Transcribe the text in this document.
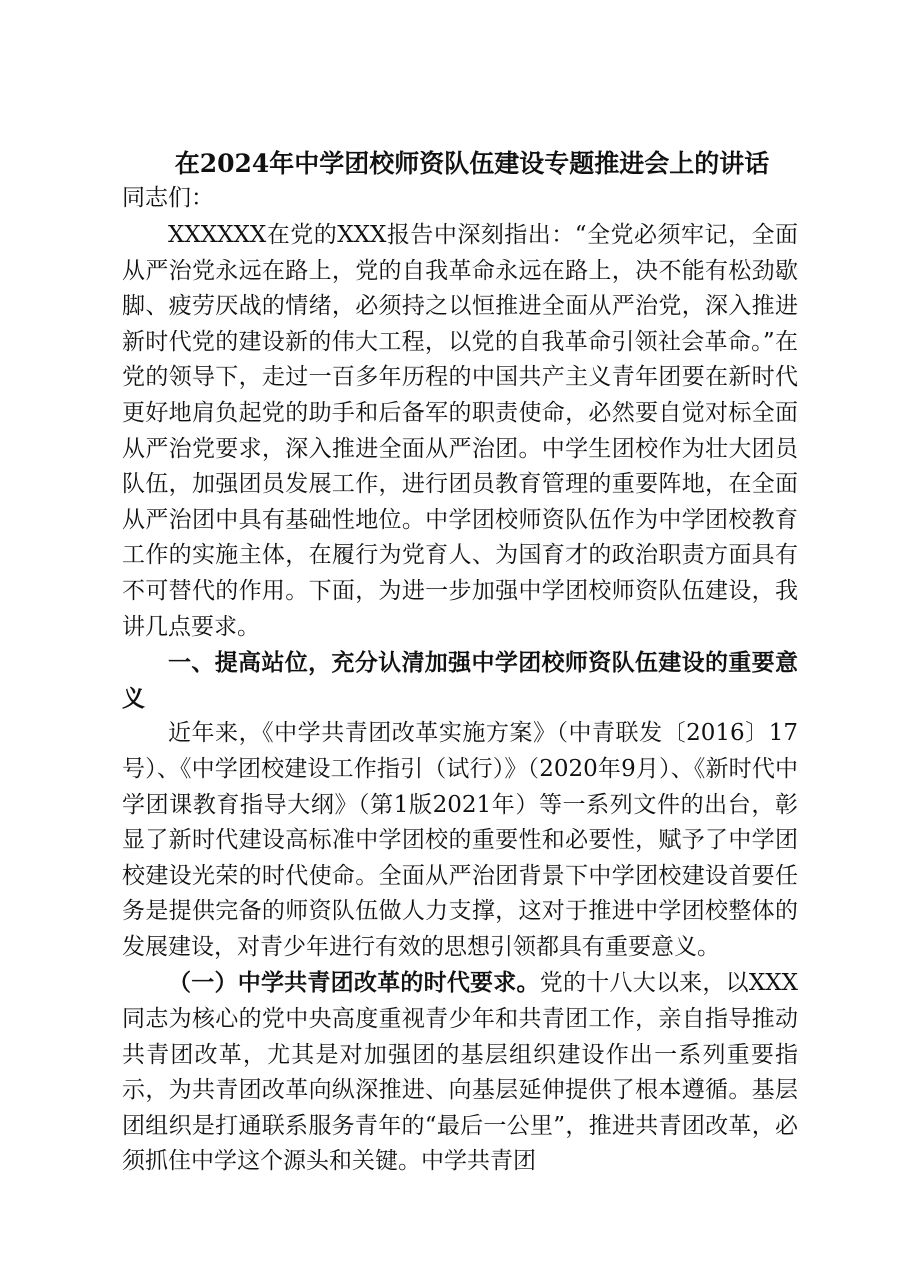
在2024年中学团校师资队伍建设专题推进会上的讲话
同志们：

XXXXXX在党的XXX报告中深刻指出：“全党必须牢记，全面从严治党永远在路上，党的自我革命永远在路上，决不能有松劲歇脚、疲劳厌战的情绪，必须持之以恒推进全面从严治党，深入推进新时代党的建设新的伟大工程，以党的自我革命引领社会革命。”在党的领导下，走过一百多年历程的中国共产主义青年团要在新时代更好地肩负起党的助手和后备军的职责使命，必然要自觉对标全面从严治党要求，深入推进全面从严治团。中学生团校作为壮大团员队伍，加强团员发展工作，进行团员教育管理的重要阵地，在全面从严治团中具有基础性地位。中学团校师资队伍作为中学团校教育工作的实施主体，在履行为党育人、为国育才的政治职责方面具有不可替代的作用。下面，为进一步加强中学团校师资队伍建设，我讲几点要求。

一、提高站位，充分认清加强中学团校师资队伍建设的重要意义

近年来，《中学共青团改革实施方案》（中青联发〔2016〕17号）、《中学团校建设工作指引（试行）》（2020年9月）、《新时代中学团课教育指导大纲》（第1版2021年）等一系列文件的出台，彰显了新时代建设高标准中学团校的重要性和必要性，赋予了中学团校建设光荣的时代使命。全面从严治团背景下中学团校建设首要任务是提供完备的师资队伍做人力支撑，这对于推进中学团校整体的发展建设，对青少年进行有效的思想引领都具有重要意义。

（一）中学共青团改革的时代要求。党的十八大以来，以XXX同志为核心的党中央高度重视青少年和共青团工作，亲自指导推动共青团改革，尤其是对加强团的基层组织建设作出一系列重要指示，为共青团改革向纵深推进、向基层延伸提供了根本遵循。基层团组织是打通联系服务青年的“最后一公里”，推进共青团改革，必须抓住中学这个源头和关键。中学共青团
